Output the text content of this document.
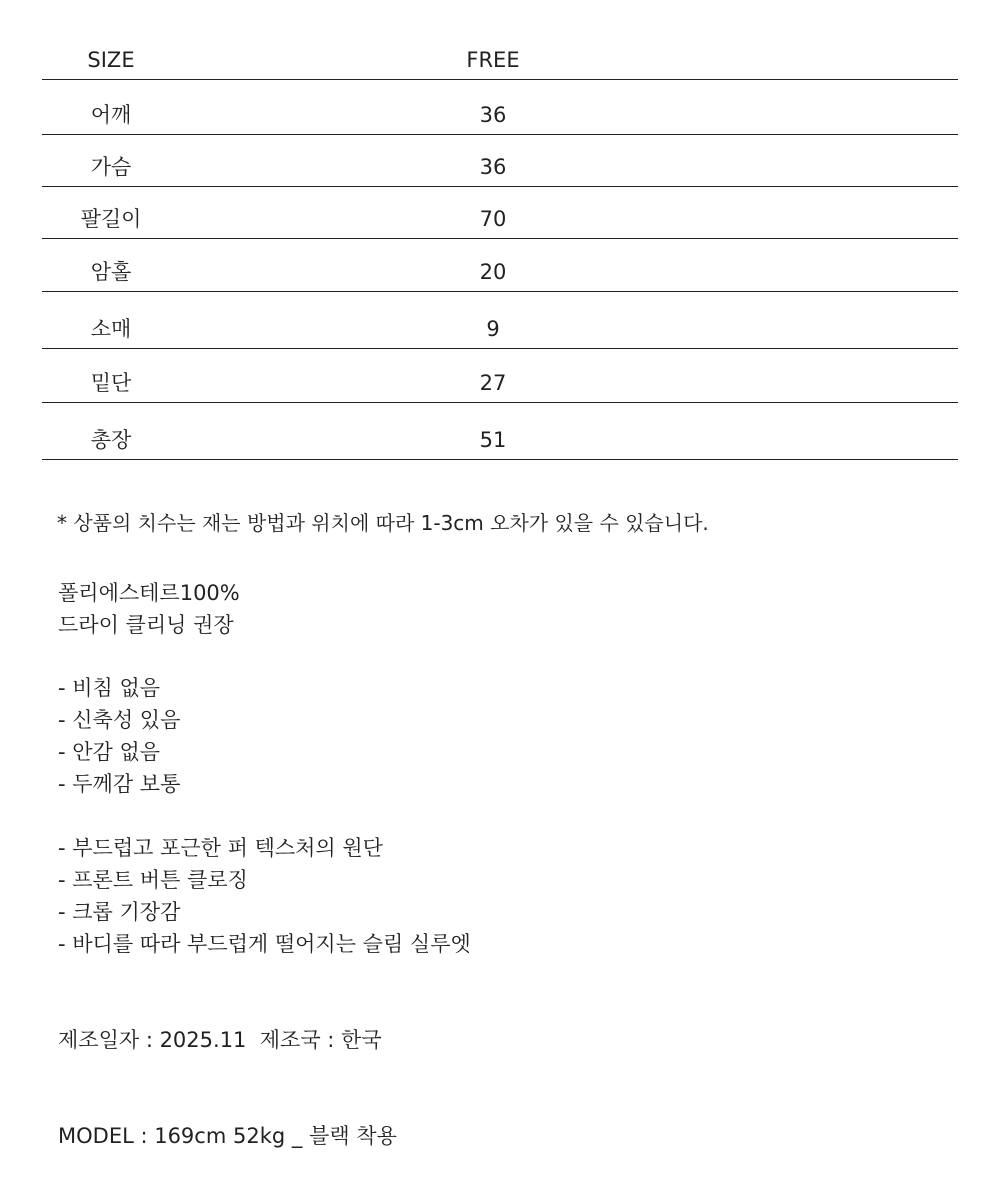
SIZE	FREE
어깨	36
가슴	36
팔길이	70
암홀	20
소매	9
밑단	27
총장	51
* 상품의 치수는 재는 방법과 위치에 따라 1-3cm 오차가 있을 수 있습니다.
폴리에스테르100%
드라이 클리닝 권장
- 비침 없음
- 신축성 있음
- 안감 없음
- 두께감 보통
- 부드럽고 포근한 퍼 텍스처의 원단
- 프론트 버튼 클로징
- 크롭 기장감
- 바디를 따라 부드럽게 떨어지는 슬림 실루엣
제조일자 : 2025.11  제조국 : 한국
MODEL : 169cm 52kg _ 블랙 착용
